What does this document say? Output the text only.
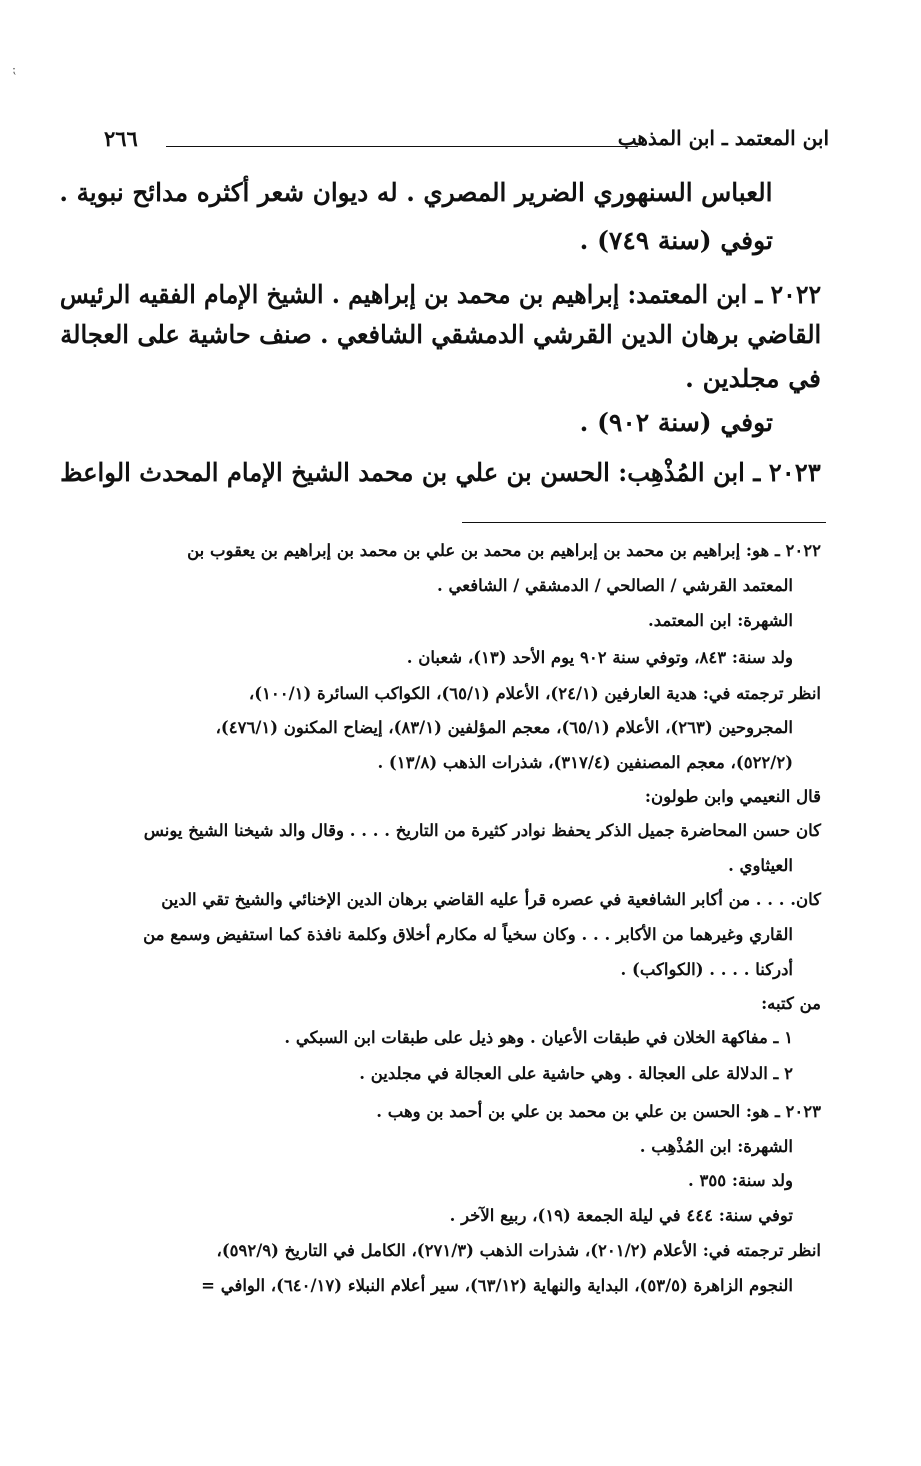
⁏
ابن المعتمد ـ ابن المذهب
٢٦٦
العباس السنهوري الضرير المصري . له ديوان شعر أكثره مدائح نبوية .
توفي (سنة ٧٤٩) .
٢٠٢٢ ـ ابن المعتمد: إبراهيم بن محمد بن إبراهيم . الشيخ الإمام الفقيه الرئيس
القاضي برهان الدين القرشي الدمشقي الشافعي . صنف حاشية على العجالة
في مجلدين .
توفي (سنة ٩٠٢) .
٢٠٢٣ ـ ابن المُذْهِب: الحسن بن علي بن محمد الشيخ الإمام المحدث الواعظ
٢٠٢٢ ـ هو: إبراهيم بن محمد بن إبراهيم بن محمد بن علي بن محمد بن إبراهيم بن يعقوب بن
المعتمد القرشي / الصالحي / الدمشقي / الشافعي .
الشهرة: ابن المعتمد.
ولد سنة: ٨٤٣، وتوفي سنة ٩٠٢ يوم الأحد (١٣)، شعبان .
انظر ترجمته في: هدية العارفين (٢٤/١)، الأعلام (٦٥/١)، الكواكب السائرة (١٠٠/١)،
المجروحين (٢٦٣)، الأعلام (٦٥/١)، معجم المؤلفين (٨٣/١)، إيضاح المكنون (٤٧٦/١)،
(٥٢٢/٢)، معجم المصنفين (٣١٧/٤)، شذرات الذهب (١٣/٨) .
قال النعيمي وابن طولون:
كان حسن المحاضرة جميل الذكر يحفظ نوادر كثيرة من التاريخ . . . . وقال والد شيخنا الشيخ يونس
العيثاوي .
كان. . . . من أكابر الشافعية في عصره قرأ عليه القاضي برهان الدين الإخنائي والشيخ تقي الدين
القاري وغيرهما من الأكابر . . . وكان سخياً له مكارم أخلاق وكلمة نافذة كما استفيض وسمع من
أدركنا . . . . (الكواكب) .
من كتبه:
١ ـ مفاكهة الخلان في طبقات الأعيان . وهو ذيل على طبقات ابن السبكي .
٢ ـ الدلالة على العجالة . وهي حاشية على العجالة في مجلدين .
٢٠٢٣ ـ هو: الحسن بن علي بن محمد بن علي بن أحمد بن وهب .
الشهرة: ابن المُذْهِب .
ولد سنة: ٣٥٥ .
توفي سنة: ٤٤٤ في ليلة الجمعة (١٩)، ربيع الآخر .
انظر ترجمته في: الأعلام (٢٠١/٢)، شذرات الذهب (٢٧١/٣)، الكامل في التاريخ (٥٩٢/٩)،
النجوم الزاهرة (٥٣/٥)، البداية والنهاية (٦٣/١٢)، سير أعلام النبلاء (٦٤٠/١٧)، الوافي =
